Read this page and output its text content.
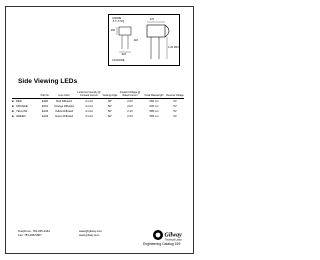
ANODE
.6 X .6 SQ.
.170
.100
1.00 MIN.
.118
CATHODE
.024
Side Viewing LEDs
	Part No.	Lens Color	Luminous Intensity @ Forward Current	Viewing Angle	Forward Voltage @ Rated Current	Peak Wavelength	Reverse Voltage
■ RED	E100	Red Diffused	2 mcd	60°	2.0V	660 nm	5V
■ ORANGE	E101	Orange Diffused	4 mcd	60°	2.0V	630 nm	5V
■ YELLOW	E102	Yellow Diffused	3 mcd	60°	2.1V	585 nm	5V
■ GREEN	E103	Green Diffused	3 mcd	60°	2.2V	565 nm	5V
Telephone: 781-935-4442
Fax: 781-938-5867
sales@gilway.com
www.gilway.com	Gilway
Technical Lamp
Engineering Catalog 169
